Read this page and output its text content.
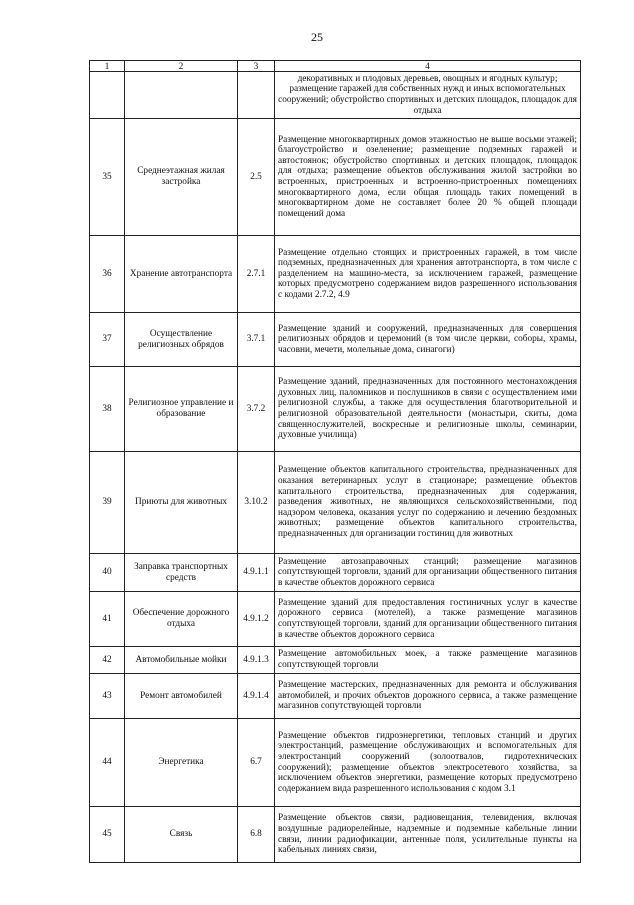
25
1	2	3	4
			декоративных и плодовых деревьев, овощных и ягодных культур; размещение гаражей для собственных нужд и иных вспомогательных сооружений; обустройство спортивных и детских площадок, площадок для отдыха
35	Среднеэтажная жилая застройка	2.5	Размещение многоквартирных домов этажностью не выше восьми этажей; благоустройство и озеленение; размещение подземных гаражей и автостоянок; обустройство спортивных и детских площадок, площадок для отдыха; размещение объектов обслуживания жилой застройки во встроенных, пристроенных и встроенно-пристроенных помещениях многоквартирного дома, если общая площадь таких помещений в многоквартирном доме не составляет более 20 % общей площади помещений дома
36	Хранение автотранспорта	2.7.1	Размещение отдельно стоящих и пристроенных гаражей, в том числе подземных, предназначенных для хранения автотранспорта, в том числе с разделением на машино-места, за исключением гаражей, размещение которых предусмотрено содержанием видов разрешенного использования с кодами 2.7.2, 4.9
37	Осуществление религиозных обрядов	3.7.1	Размещение зданий и сооружений, предназначенных для совершения религиозных обрядов и церемоний (в том числе церкви, соборы, храмы, часовни, мечети, молельные дома, синагоги)
38	Религиозное управление и образование	3.7.2	Размещение зданий, предназначенных для постоянного местонахождения духовных лиц, паломников и послушников в связи с осуществлением ими религиозной службы, а также для осуществления благотворительной и религиозной образовательной деятельности (монастыри, скиты, дома священнослужителей, воскресные и религиозные школы, семинарии, духовные училища)
39	Приюты для животных	3.10.2	Размещение объектов капитального строительства, предназначенных для оказания ветеринарных услуг в стационаре; размещение объектов капитального строительства, предназначенных для содержания, разведения животных, не являющихся сельскохозяйственными, под надзором человека, оказания услуг по содержанию и лечению бездомных животных; размещение объектов капитального строительства, предназначенных для организации гостиниц для животных
40	Заправка транспортных средств	4.9.1.1	Размещение автозаправочных станций; размещение магазинов сопутствующей торговли, зданий для организации общественного питания в качестве объектов дорожного сервиса
41	Обеспечение дорожного отдыха	4.9.1.2	Размещение зданий для предоставления гостиничных услуг в качестве дорожного сервиса (мотелей), а также размещение магазинов сопутствующей торговли, зданий для организации общественного питания в качестве объектов дорожного сервиса
42	Автомобильные мойки	4.9.1.3	Размещение автомобильных моек, а также размещение магазинов сопутствующей торговли
43	Ремонт автомобилей	4.9.1.4	Размещение мастерских, предназначенных для ремонта и обслуживания автомобилей, и прочих объектов дорожного сервиса, а также размещение магазинов сопутствующей торговли
44	Энергетика	6.7	Размещение объектов гидроэнергетики, тепловых станций и других электростанций, размещение обслуживающих и вспомогательных для электростанций сооружений (золоотвалов, гидротехнических сооружений); размещение объектов электросетевого хозяйства, за исключением объектов энергетики, размещение которых предусмотрено содержанием вида разрешенного использования с кодом 3.1
45	Связь	6.8	Размещение объектов связи, радиовещания, телевидения, включая воздушные радиорелейные, надземные и подземные кабельные линии связи, линии радиофикации, антенные поля, усилительные пункты на кабельных линиях связи,
